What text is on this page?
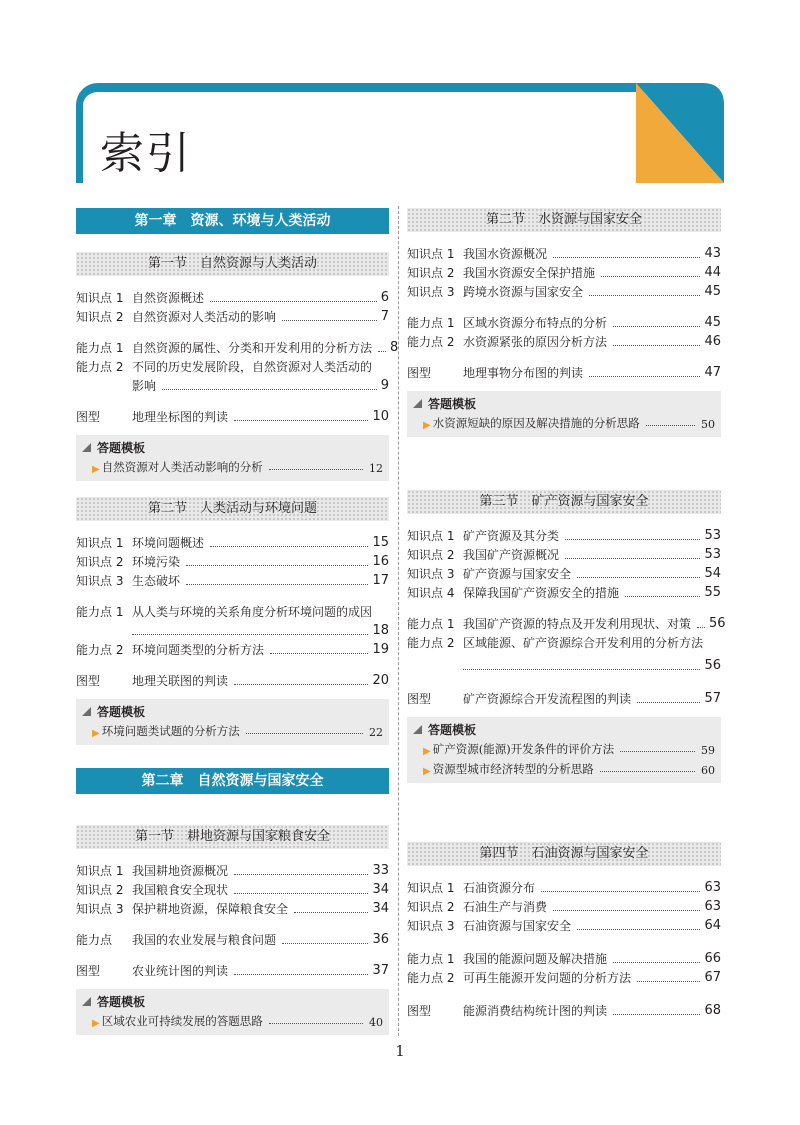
索引
第一章　资源、环境与人类活动
第一节　自然资源与人类活动
知识点 1 自然资源概述	6
知识点 2 自然资源对人类活动的影响	7
能力点 1 自然资源的属性、分类和开发利用的分析方法 8
能力点 2 不同的历史发展阶段，自然资源对人类活动的
影响	9
图型	地理坐标图的判读	10
答题模板
▶ 自然资源对人类活动影响的分析	12
第二节　人类活动与环境问题
知识点 1 环境问题概述	15
知识点 2 环境污染	16
知识点 3 生态破坏	17
能力点 1 从人类与环境的关系角度分析环境问题的成因
18
能力点 2 环境问题类型的分析方法	19
图型	地理关联图的判读	20
答题模板
▶ 环境问题类试题的分析方法	22
第二章　自然资源与国家安全
第一节　耕地资源与国家粮食安全
知识点 1 我国耕地资源概况	33
知识点 2 我国粮食安全现状	34
知识点 3 保护耕地资源，保障粮食安全	34
能力点	我国的农业发展与粮食问题	36
图型	农业统计图的判读	37
答题模板
▶ 区域农业可持续发展的答题思路	40
第二节　水资源与国家安全
知识点 1 我国水资源概况	43
知识点 2 我国水资源安全保护措施	44
知识点 3 跨境水资源与国家安全	45
能力点 1 区域水资源分布特点的分析	45
能力点 2 水资源紧张的原因分析方法	46
图型	地理事物分布图的判读	47
答题模板
▶ 水资源短缺的原因及解决措施的分析思路	50
第三节　矿产资源与国家安全
知识点 1 矿产资源及其分类	53
知识点 2 我国矿产资源概况	53
知识点 3 矿产资源与国家安全	54
知识点 4 保障我国矿产资源安全的措施	55
能力点 1 我国矿产资源的特点及开发利用现状、对策 56
能力点 2 区域能源、矿产资源综合开发利用的分析方法
56
图型	矿产资源综合开发流程图的判读	57
答题模板
▶ 矿产资源(能源)开发条件的评价方法	59
▶ 资源型城市经济转型的分析思路	60
第四节　石油资源与国家安全
知识点 1 石油资源分布	63
知识点 2 石油生产与消费	63
知识点 3 石油资源与国家安全	64
能力点 1 我国的能源问题及解决措施	66
能力点 2 可再生能源开发问题的分析方法	67
图型	能源消费结构统计图的判读	68
1
